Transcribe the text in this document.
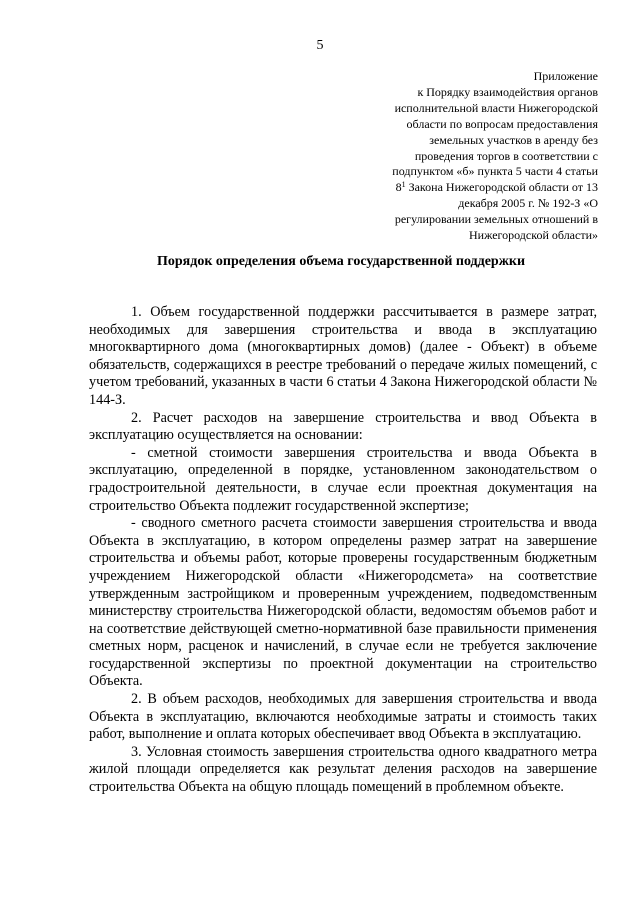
5
Приложение
к Порядку взаимодействия органов
исполнительной власти Нижегородской
области по вопросам предоставления
земельных участков в аренду без
проведения торгов в соответствии с
подпунктом «б» пункта 5 части 4 статьи
$8^1$ Закона Нижегородской области от 13
декабря 2005 г. № 192-З «О
регулировании земельных отношений в
Нижегородской области»
Порядок определения объема государственной поддержки

1. Объем государственной поддержки рассчитывается в размере затрат, необходимых для завершения строительства и ввода в эксплуатацию многоквартирного дома (многоквартирных домов) (далее - Объект) в объеме обязательств, содержащихся в реестре требований о передаче жилых помещений, с учетом требований, указанных в части 6 статьи 4 Закона Нижегородской области № 144-З.

2. Расчет расходов на завершение строительства и ввод Объекта в эксплуатацию осуществляется на основании:

- сметной стоимости завершения строительства и ввода Объекта в эксплуатацию, определенной в порядке, установленном законодательством о градостроительной деятельности, в случае если проектная документация на строительство Объекта подлежит государственной экспертизе;

- сводного сметного расчета стоимости завершения строительства и ввода Объекта в эксплуатацию, в котором определены размер затрат на завершение строительства и объемы работ, которые проверены государственным бюджетным учреждением Нижегородской области «Нижегородсмета» на соответствие утвержденным застройщиком и проверенным учреждением, подведомственным министерству строительства Нижегородской области, ведомостям объемов работ и на соответствие действующей сметно-нормативной базе правильности применения сметных норм, расценок и начислений, в случае если не требуется заключение государственной экспертизы по проектной документации на строительство Объекта.

2. В объем расходов, необходимых для завершения строительства и ввода Объекта в эксплуатацию, включаются необходимые затраты и стоимость таких работ, выполнение и оплата которых обеспечивает ввод Объекта в эксплуатацию.

3. Условная стоимость завершения строительства одного квадратного метра жилой площади определяется как результат деления расходов на завершение строительства Объекта на общую площадь помещений в проблемном объекте.
